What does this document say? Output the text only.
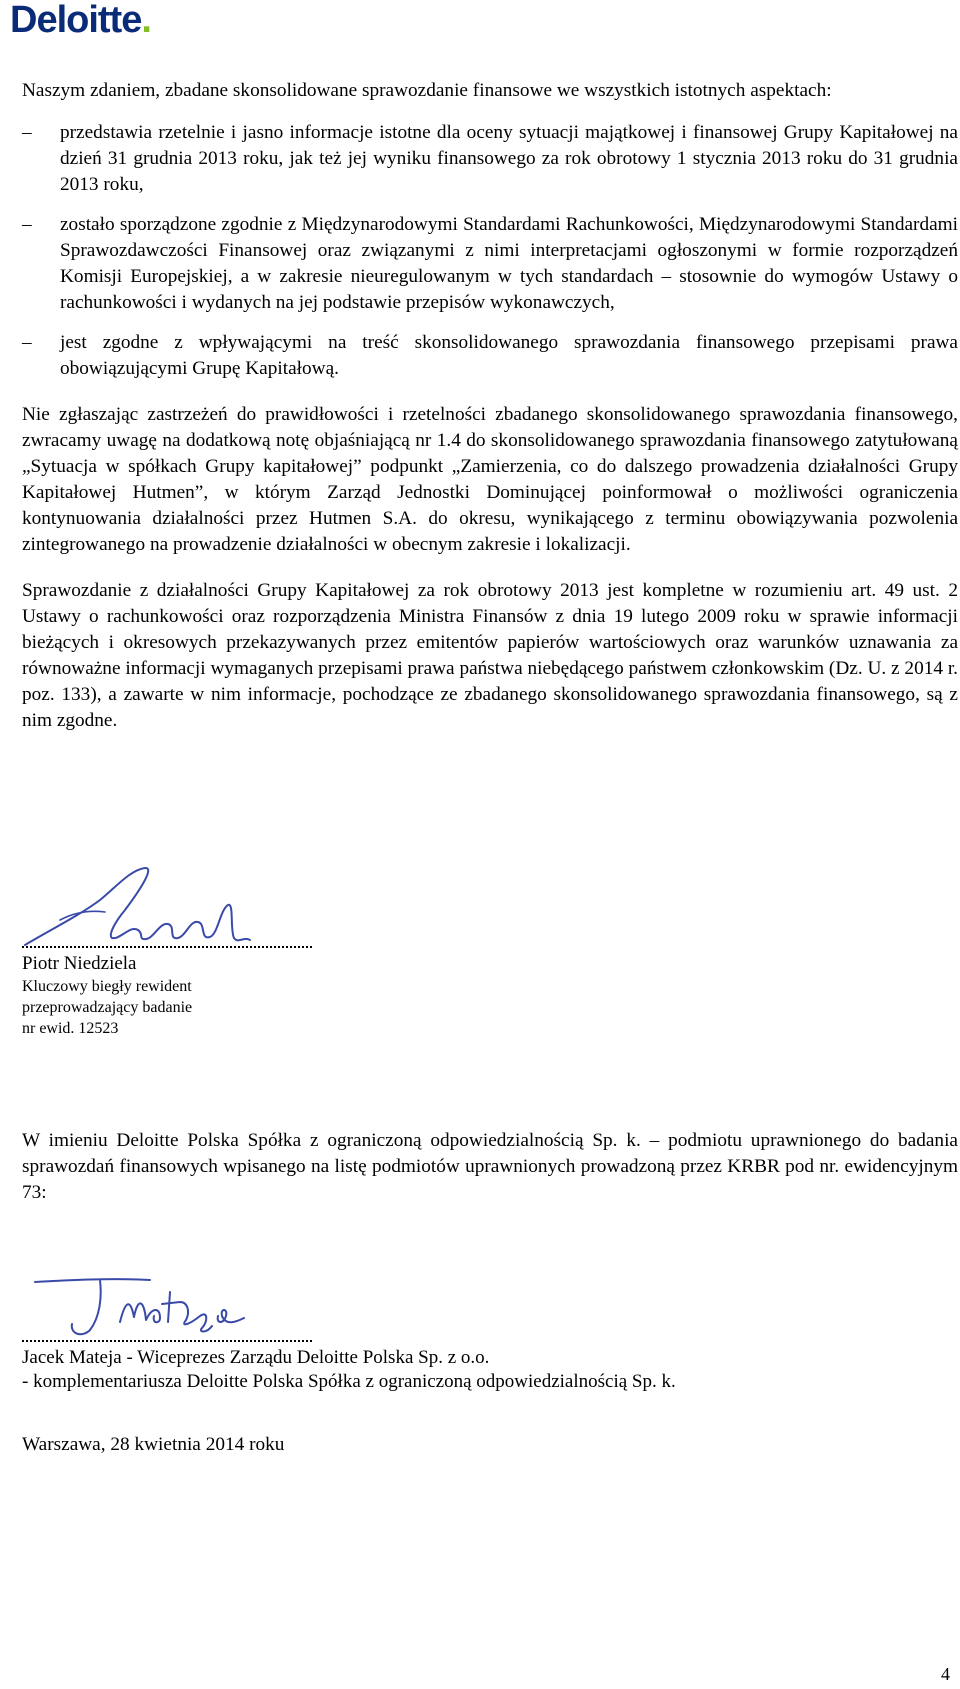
Deloitte.

Naszym zdaniem, zbadane skonsolidowane sprawozdanie finansowe we wszystkich istotnych aspektach:

– przedstawia rzetelnie i jasno informacje istotne dla oceny sytuacji majątkowej i finansowej Grupy Kapitałowej na dzień 31 grudnia 2013 roku, jak też jej wyniku finansowego za rok obrotowy 1 stycznia 2013 roku do 31 grudnia 2013 roku,
– zostało sporządzone zgodnie z Międzynarodowymi Standardami Rachunkowości, Międzynarodowymi Standardami Sprawozdawczości Finansowej oraz związanymi z nimi interpretacjami ogłoszonymi w formie rozporządzeń Komisji Europejskiej, a w zakresie nieuregulowanym w tych standardach – stosownie do wymogów Ustawy o rachunkowości i wydanych na jej podstawie przepisów wykonawczych,
– jest zgodne z wpływającymi na treść skonsolidowanego sprawozdania finansowego przepisami prawa obowiązującymi Grupę Kapitałową.

Nie zgłaszając zastrzeżeń do prawidłowości i rzetelności zbadanego skonsolidowanego sprawozdania finansowego, zwracamy uwagę na dodatkową notę objaśniającą nr 1.4 do skonsolidowanego sprawozdania finansowego zatytułowaną „Sytuacja w spółkach Grupy kapitałowej” podpunkt „Zamierzenia, co do dalszego prowadzenia działalności Grupy Kapitałowej Hutmen”, w którym Zarząd Jednostki Dominującej poinformował o możliwości ograniczenia kontynuowania działalności przez Hutmen S.A. do okresu, wynikającego z terminu obowiązywania pozwolenia zintegrowanego na prowadzenie działalności w obecnym zakresie i lokalizacji.

Sprawozdanie z działalności Grupy Kapitałowej za rok obrotowy 2013 jest kompletne w rozumieniu art. 49 ust. 2 Ustawy o rachunkowości oraz rozporządzenia Ministra Finansów z dnia 19 lutego 2009 roku w sprawie informacji bieżących i okresowych przekazywanych przez emitentów papierów wartościowych oraz warunków uznawania za równoważne informacji wymaganych przepisami prawa państwa niebędącego państwem członkowskim (Dz. U. z 2014 r. poz. 133), a zawarte w nim informacje, pochodzące ze zbadanego skonsolidowanego sprawozdania finansowego, są z nim zgodne.

Piotr Niedziela
Kluczowy biegły rewident
przeprowadzający badanie
nr ewid. 12523

W imieniu Deloitte Polska Spółka z ograniczoną odpowiedzialnością Sp. k. – podmiotu uprawnionego do badania sprawozdań finansowych wpisanego na listę podmiotów uprawnionych prowadzoną przez KRBR pod nr. ewidencyjnym 73:

Jacek Mateja - Wiceprezes Zarządu Deloitte Polska Sp. z o.o.
- komplementariusza Deloitte Polska Spółka z ograniczoną odpowiedzialnością Sp. k.
Warszawa, 28 kwietnia 2014 roku
4
